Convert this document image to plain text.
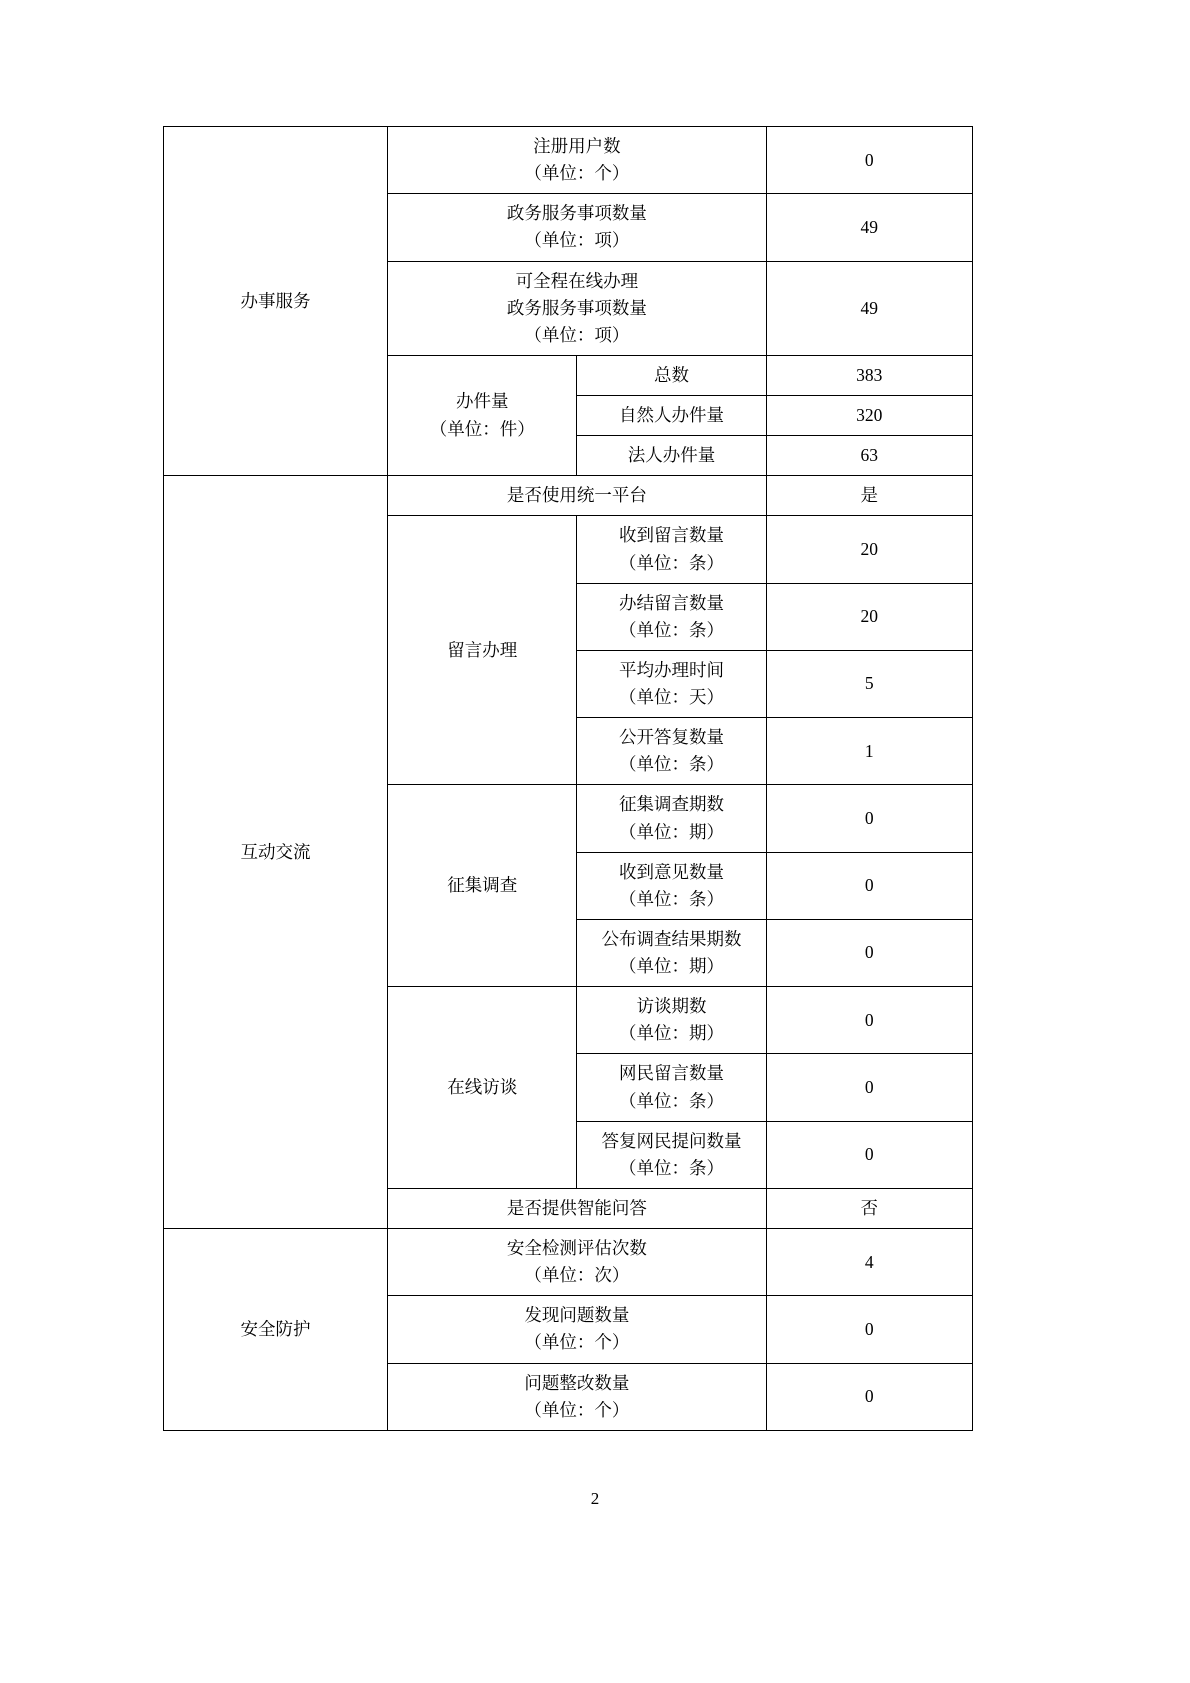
办事服务	注册用户数
（单位：个）		0

	政务服务事项数量
（单位：项）		49

	可全程在线办理
政务服务事项数量
（单位：项）		49

	办件量
（单位：件）	总数	383
		自然人办件量	320
		法人办件量	63
互动交流	是否使用统一平台		是
	留言办理	收到留言数量
（单位：条）	20

		办结留言数量
（单位：条）	20

		平均办理时间
（单位：天）	5

		公开答复数量
（单位：条）	1
	征集调查	征集调查期数
（单位：期）	0

		收到意见数量
（单位：条）	0

		公布调查结果期数
（单位：期）	0
	在线访谈	访谈期数
（单位：期）	0

		网民留言数量
（单位：条）	0

		答复网民提问数量
（单位：条）	0
	是否提供智能问答		否
安全防护	安全检测评估次数
（单位：次）		4

	发现问题数量
（单位：个）		0

	问题整改数量
（单位：个）		0
2
